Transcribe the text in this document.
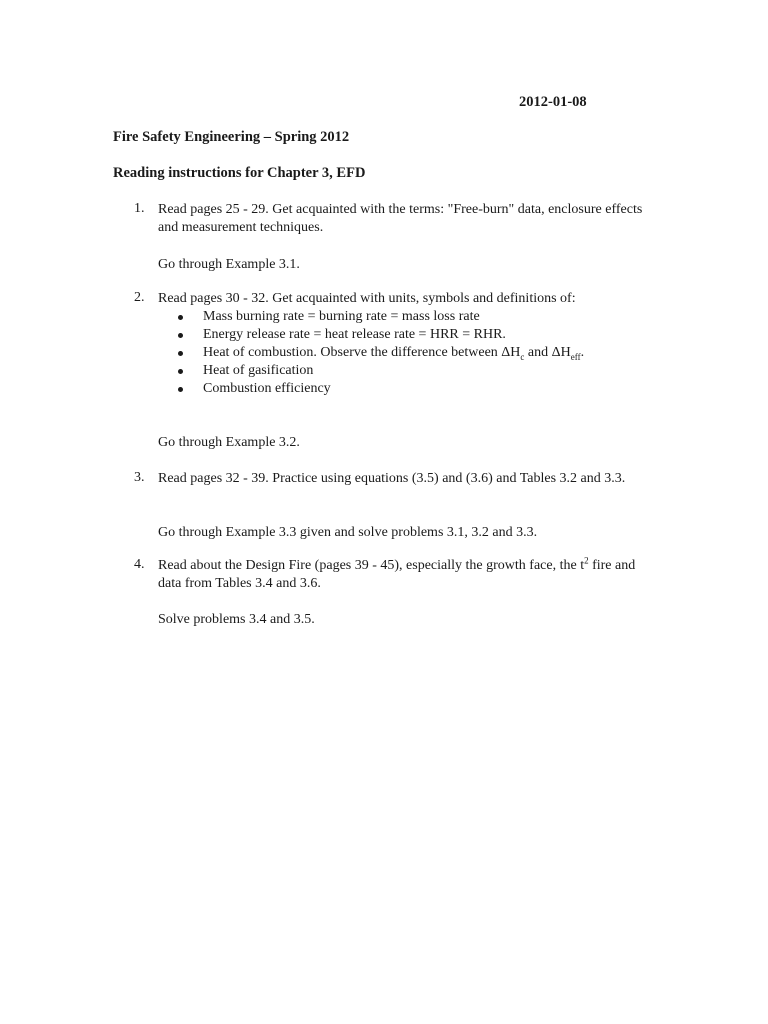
2012-01-08
Fire Safety Engineering – Spring 2012
Reading instructions for Chapter 3, EFD
1. Read pages 25 - 29. Get acquainted with the terms: "Free-burn" data, enclosure effects and measurement techniques.
Go through Example 3.1.
2. Read pages 30 - 32. Get acquainted with units, symbols and definitions of:
Mass burning rate = burning rate = mass loss rate
Energy release rate = heat release rate = HRR = RHR.
Heat of combustion. Observe the difference between $\Delta H_c$ and $\Delta H_{eff}$.
Heat of gasification
Combustion efficiency
Go through Example 3.2.
3. Read pages 32 - 39. Practice using equations (3.5) and (3.6) and Tables 3.2 and 3.3.
Go through Example 3.3 given and solve problems 3.1, 3.2 and 3.3.
4. Read about the Design Fire (pages 39 - 45), especially the growth face, the $t^2$ fire and data from Tables 3.4 and 3.6.
Solve problems 3.4 and 3.5.
